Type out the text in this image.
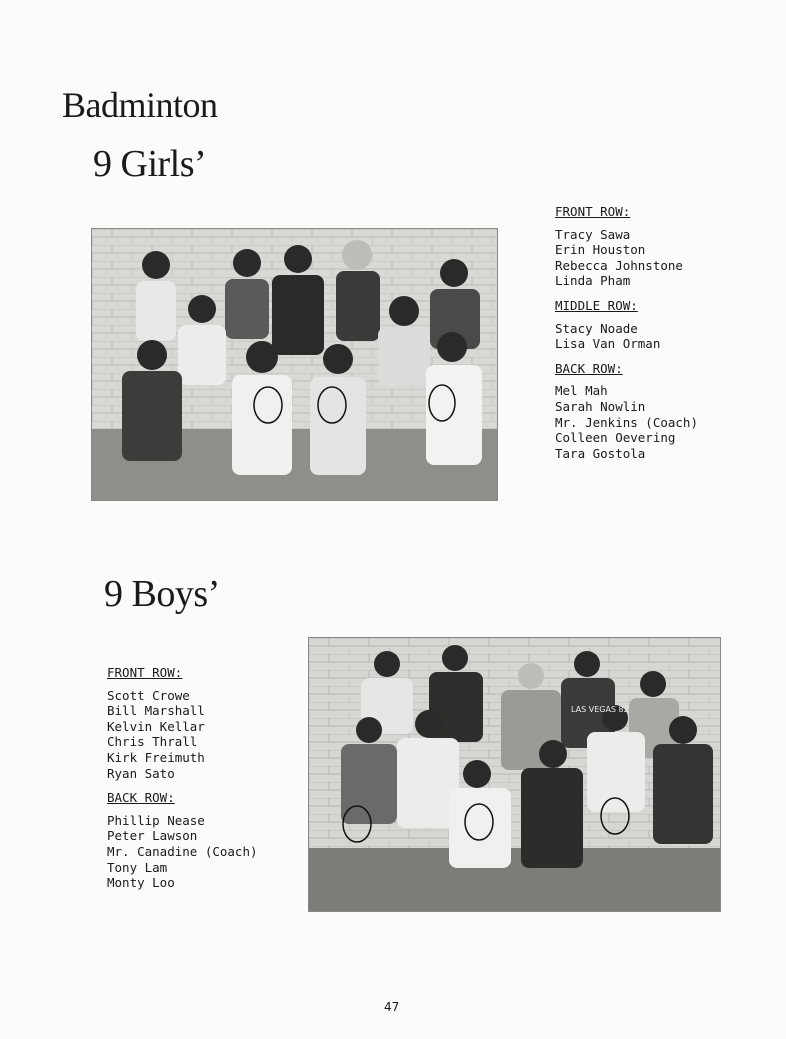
Badminton
9 Girls’
FRONT ROW:
Tracy Sawa
Erin Houston
Rebecca Johnstone
Linda Pham
MIDDLE ROW:
Stacy Noade
Lisa Van Orman
BACK ROW:
Mel Mah
Sarah Nowlin
Mr. Jenkins (Coach)
Colleen Oevering
Tara Gostola
9 Boys’
FRONT ROW:
Scott Crowe
Bill Marshall
Kelvin Kellar
Chris Thrall
Kirk Freimuth
Ryan Sato
BACK ROW:
Phillip Nease
Peter Lawson
Mr. Canadine (Coach)
Tony Lam
Monty Loo
LAS VEGAS 82
47
